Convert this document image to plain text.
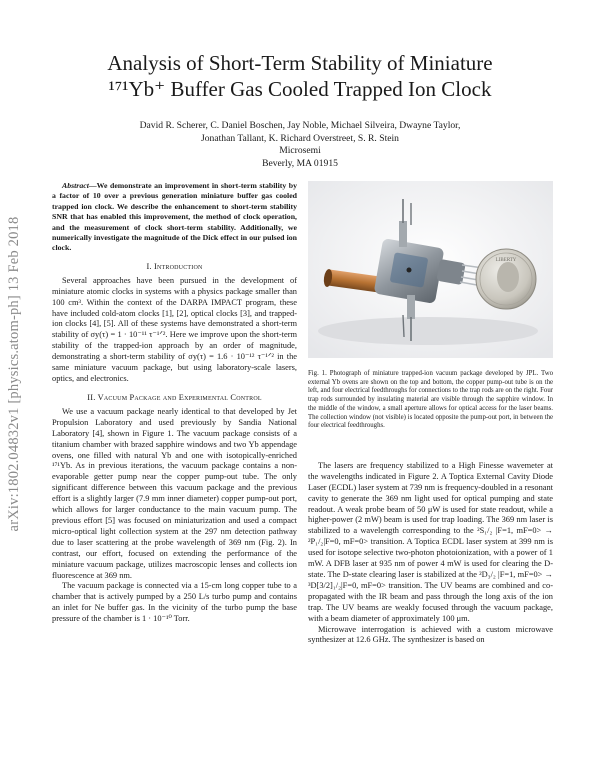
arXiv:1802.04832v1 [physics.atom-ph] 13 Feb 2018
Analysis of Short-Term Stability of Miniature
¹⁷¹Yb⁺ Buffer Gas Cooled Trapped Ion Clock
David R. Scherer, C. Daniel Boschen, Jay Noble, Michael Silveira, Dwayne Taylor,
Jonathan Tallant, K. Richard Overstreet, S. R. Stein
Microsemi
Beverly, MA 01915

Abstract—We demonstrate an improvement in short-term stability by a factor of 10 over a previous generation miniature buffer gas cooled trapped ion clock. We describe the enhancement to short-term stability SNR that has enabled this improvement, the method of clock operation, and the measurement of clock short-term stability. Additionally, we numerically investigate the magnitude of the Dick effect in our pulsed ion clock.

I. Introduction

Several approaches have been pursued in the development of miniature atomic clocks in systems with a physics package smaller than 100 cm³. Within the context of the DARPA IMPACT program, these have included cold-atom clocks [1], [2], optical clocks [3], and trapped-ion clocks [4], [5]. All of these systems have demonstrated a short-term stability of σy(τ) = 1 · 10⁻¹¹ τ⁻¹ᐟ². Here we improve upon the short-term stability of the trapped-ion approach by an order of magnitude, demonstrating a short-term stability of σy(τ) = 1.6 · 10⁻¹² τ⁻¹ᐟ² in the same miniature vacuum package, but using laboratory-scale lasers, optics, and electronics.

II. Vacuum Package and Experimental Control

We use a vacuum package nearly identical to that developed by Jet Propulsion Laboratory and used previously by Sandia National Laboratory [4], shown in Figure 1. The vacuum package consists of a titanium chamber with brazed sapphire windows and two Yb appendage ovens, one filled with natural Yb and one with isotopically-enriched ¹⁷¹Yb. As in previous iterations, the vacuum package contains a non-evaporable getter pump near the copper pump-out tube. The only significant difference between this vacuum package and the previous effort is a slightly larger (7.9 mm inner diameter) copper pump-out port, which allows for larger conductance to the main vacuum pump. The previous effort [5] was focused on miniaturization and used a compact micro-optical light collection system at the 297 nm detection pathway due to laser scattering at the probe wavelength of 369 nm (Fig. 2). In contrast, our effort, focused on extending the performance of the miniature vacuum package, utilizes macroscopic lenses and collects ion fluorescence at 369 nm.

The vacuum package is connected via a 15-cm long copper tube to a chamber that is actively pumped by a 250 L/s turbo pump and contains an inlet for Ne buffer gas. In the vicinity of the turbo pump the base pressure of the chamber is 1 · 10⁻¹⁰ Torr.

LIBERTY
Fig. 1. Photograph of miniature trapped-ion vacuum package developed by JPL. Two external Yb ovens are shown on the top and bottom, the copper pump-out tube is on the left, and four electrical feedthroughs for connections to the trap rods are on the right. Four trap rods surrounded by insulating material are visible through the sapphire window. In the middle of the window, a small aperture allows for optical access for the laser beams. The collection window (not visible) is located opposite the pump-out port, in between the four electrical feedthroughs.

The lasers are frequency stabilized to a High Finesse wavemeter at the wavelengths indicated in Figure 2. A Toptica External Cavity Diode Laser (ECDL) laser system at 739 nm is frequency-doubled in a resonant cavity to generate the 369 nm light used for optical pumping and state readout. A weak probe beam of 50 μW is used for state readout, while a higher-power (2 mW) beam is used for trap loading. The 369 nm laser is stabilized to a wavelength corresponding to the ²S₁/₂ |F=1, mF=0> → ²P₁/₂|F=0, mF=0> transition. A Toptica ECDL laser system at 399 nm is used for isotope selective two-photon photoionization, with a power of 1 mW. A DFB laser at 935 nm of power 4 mW is used for clearing the D-state. The D-state clearing laser is stabilized at the ²D₃/₂ |F=1, mF=0> → ³D[3/2]₁/₂|F=0, mF=0> transition. The UV beams are combined and co-propagated with the IR beam and pass through the long axis of the ion trap. The UV beams are weakly focused through the vacuum package, with a beam diameter of approximately 100 μm.

Microwave interrogation is achieved with a custom microwave synthesizer at 12.6 GHz. The synthesizer is based on
